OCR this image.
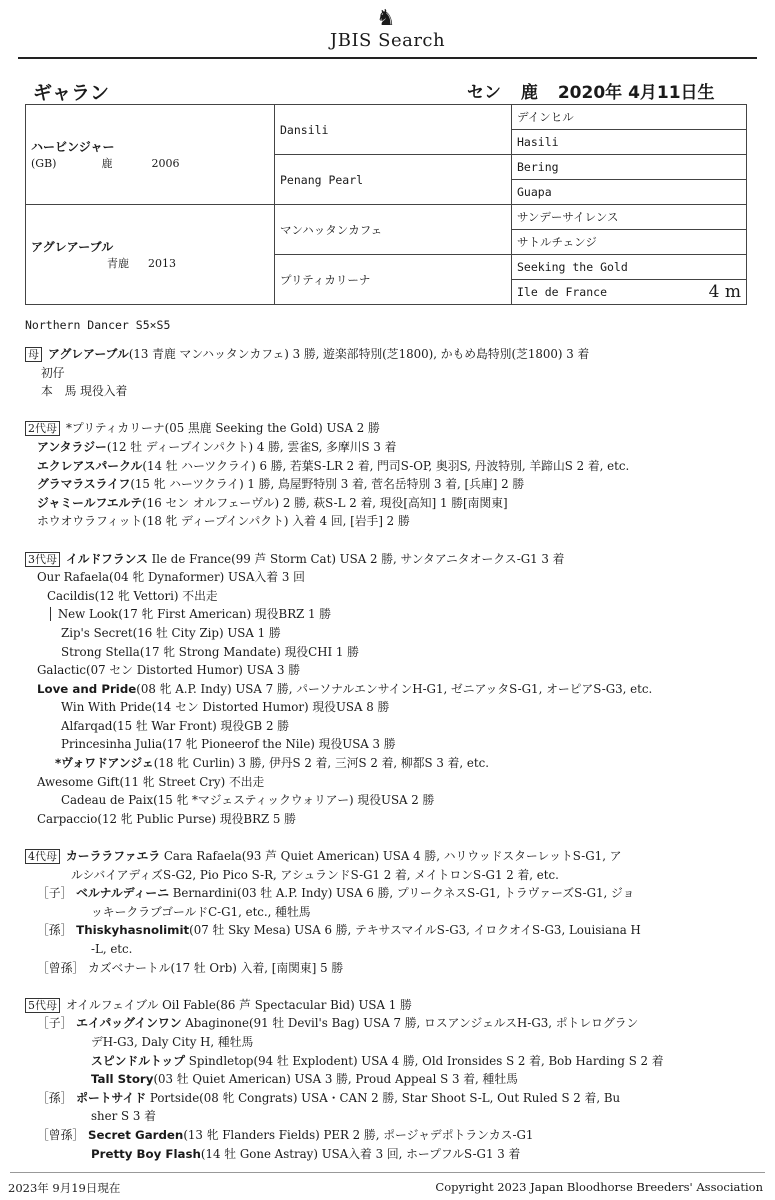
♞
JBIS Search
ギャラン	セン 鹿 2020年 4月11日生
ハービンジャー
(GB) 鹿 2006	Dansili	デインヒル
		Hasili
	Penang Pearl	Bering
		Guapa

アグレアーブル
青鹿 2013	マンハッタンカフェ	サンデーサイレンス
		サトルチェンジ
	プリティカリーナ	Seeking the Gold

		Ile de France 4 m
Northern Dancer S5×S5
母 アグレアーブル(13 青鹿 マンハッタンカフェ) 3 勝, 遊楽部特別(芝1800), かもめ島特別(芝1800) 3 着
初仔
本　馬 現役入着
2代母 *プリティカリーナ(05 黒鹿 Seeking the Gold) USA 2 勝
アンタラジー(12 牡 ディープインパクト) 4 勝, 雲雀S, 多摩川S 3 着
エクレアスパークル(14 牡 ハーツクライ) 6 勝, 若葉S-LR 2 着, 門司S-OP, 奥羽S, 丹波特別, 羊蹄山S 2 着, etc.
グラマラスライフ(15 牝 ハーツクライ) 1 勝, 鳥屋野特別 3 着, 菅名岳特別 3 着, [兵庫] 2 勝
ジャミールフエルテ(16 セン オルフェーヴル) 2 勝, 萩S-L 2 着, 現役[高知] 1 勝[南関東]
ホウオウラフィット(18 牝 ディープインパクト) 入着 4 回, [岩手] 2 勝
3代母 イルドフランス Ile de France(99 芦 Storm Cat) USA 2 勝, サンタアニタオークス-G1 3 着
Our Rafaela(04 牝 Dynaformer) USA入着 3 回
Cacildis(12 牝 Vettori) 不出走
│ New Look(17 牝 First American) 現役BRZ 1 勝
Zip's Secret(16 牡 City Zip) USA 1 勝
Strong Stella(17 牝 Strong Mandate) 現役CHI 1 勝
Galactic(07 セン Distorted Humor) USA 3 勝
Love and Pride(08 牝 A.P. Indy) USA 7 勝, パーソナルエンサインH-G1, ゼニアッタS-G1, オーピアS-G3, etc.
Win With Pride(14 セン Distorted Humor) 現役USA 8 勝
Alfarqad(15 牡 War Front) 現役GB 2 勝
Princesinha Julia(17 牝 Pioneerof the Nile) 現役USA 3 勝
*ヴォワドアンジェ(18 牝 Curlin) 3 勝, 伊丹S 2 着, 三河S 2 着, 柳都S 3 着, etc.
Awesome Gift(11 牝 Street Cry) 不出走
Cadeau de Paix(15 牝 *マジェスティックウォリアー) 現役USA 2 勝
Carpaccio(12 牝 Public Purse) 現役BRZ 5 勝
4代母 カーララファエラ Cara Rafaela(93 芦 Quiet American) USA 4 勝, ハリウッドスターレットS-G1, ア
ルシバイアディズS-G2, Pio Pico S-R, アシュランドS-G1 2 着, メイトロンS-G1 2 着, etc.
［子］ ベルナルディーニ Bernardini(03 牡 A.P. Indy) USA 6 勝, プリークネスS-G1, トラヴァーズS-G1, ジョ
ッキークラブゴールドC-G1, etc., 種牡馬
［孫］ Thiskyhasnolimit(07 牡 Sky Mesa) USA 6 勝, テキサスマイルS-G3, イロクオイS-G3, Louisiana H
-L, etc.
［曾孫］ カズベナートル(17 牡 Orb) 入着, [南関東] 5 勝
5代母 オイルフェイブル Oil Fable(86 芦 Spectacular Bid) USA 1 勝
［子］ エイパッグインワン Abaginone(91 牡 Devil's Bag) USA 7 勝, ロスアンジェルスH-G3, ポトレログラン
デH-G3, Daly City H, 種牡馬
スピンドルトップ Spindletop(94 牡 Explodent) USA 4 勝, Old Ironsides S 2 着, Bob Harding S 2 着
Tall Story(03 牡 Quiet American) USA 3 勝, Proud Appeal S 3 着, 種牡馬
［孫］ ポートサイド Portside(08 牝 Congrats) USA・CAN 2 勝, Star Shoot S-L, Out Ruled S 2 着, Bu
sher S 3 着
［曾孫］ Secret Garden(13 牝 Flanders Fields) PER 2 勝, ポージャデポトランカス-G1
Pretty Boy Flash(14 牡 Gone Astray) USA入着 3 回, ホープフルS-G1 3 着
2023年 9月19日現在	Copyright 2023 Japan Bloodhorse Breeders' Association
